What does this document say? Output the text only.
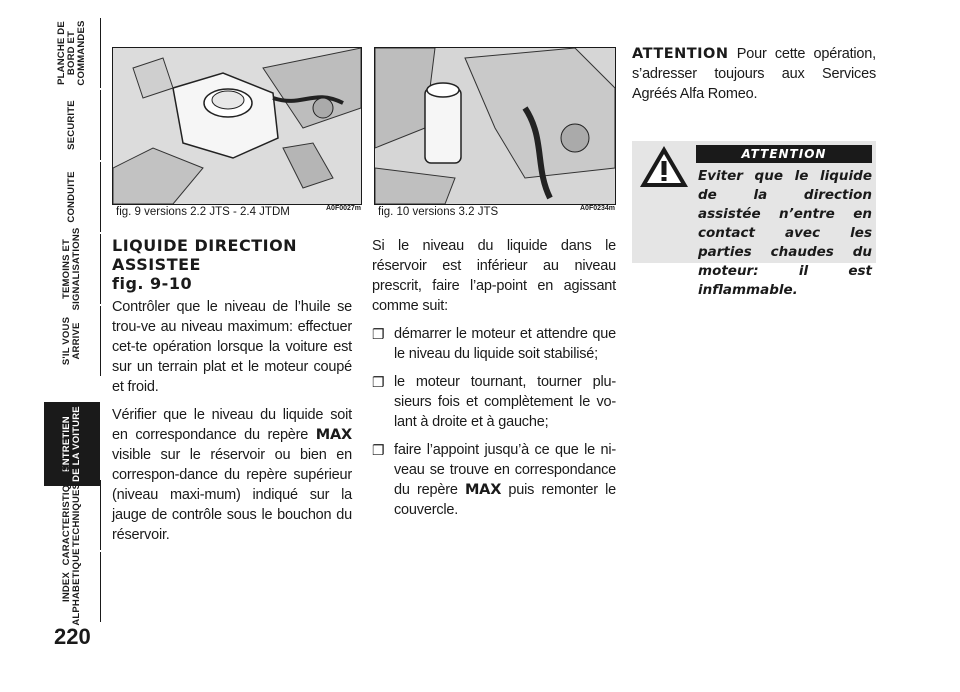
PLANCHE DE
BORD ET
COMMANDES
SECURITE
CONDUITE
TEMOINS ET
SIGNALISATIONS
S'IL VOUS
ARRIVE
ENTRETIEN
DE LA VOITURE
CARACTERISTIQUES
TECHNIQUES
INDEX
ALPHABETIQUE
220
fig. 9 versions 2.2 JTS - 2.4 JTDM	A0F0027m fig. 10 versions 3.2 JTS	A0F0234m
LIQUIDE DIRECTION
ASSISTEE
fig. 9-10

Contrôler que le niveau de l’huile se trou-ve au niveau maximum: effectuer cet-te opération lorsque la voiture est sur un terrain plat et le moteur coupé et froid.

Vérifier que le niveau du liquide soit en correspondance du repère MAX visible sur le réservoir ou bien en correspon-dance du repère supérieur (niveau maxi-mum) indiqué sur la jauge de contrôle sous le bouchon du réservoir.

Si le niveau du liquide dans le réservoir est inférieur au niveau prescrit, faire l’ap-point en agissant comme suit:

❐ démarrer le moteur et attendre que le niveau du liquide soit stabilisé;
❐ le moteur tournant, tourner plu-sieurs fois et complètement le vo-lant à droite et à gauche;
❐ faire l’appoint jusqu’à ce que le ni-veau se trouve en correspondance du repère MAX puis remonter le couvercle.

ATTENTION Pour cette opération, s’adresser toujours aux Services Agréés Alfa Romeo.

ATTENTION
Eviter que le liquide de la direction assistée n’entre en contact avec les parties chaudes du moteur: il est inflammable.
